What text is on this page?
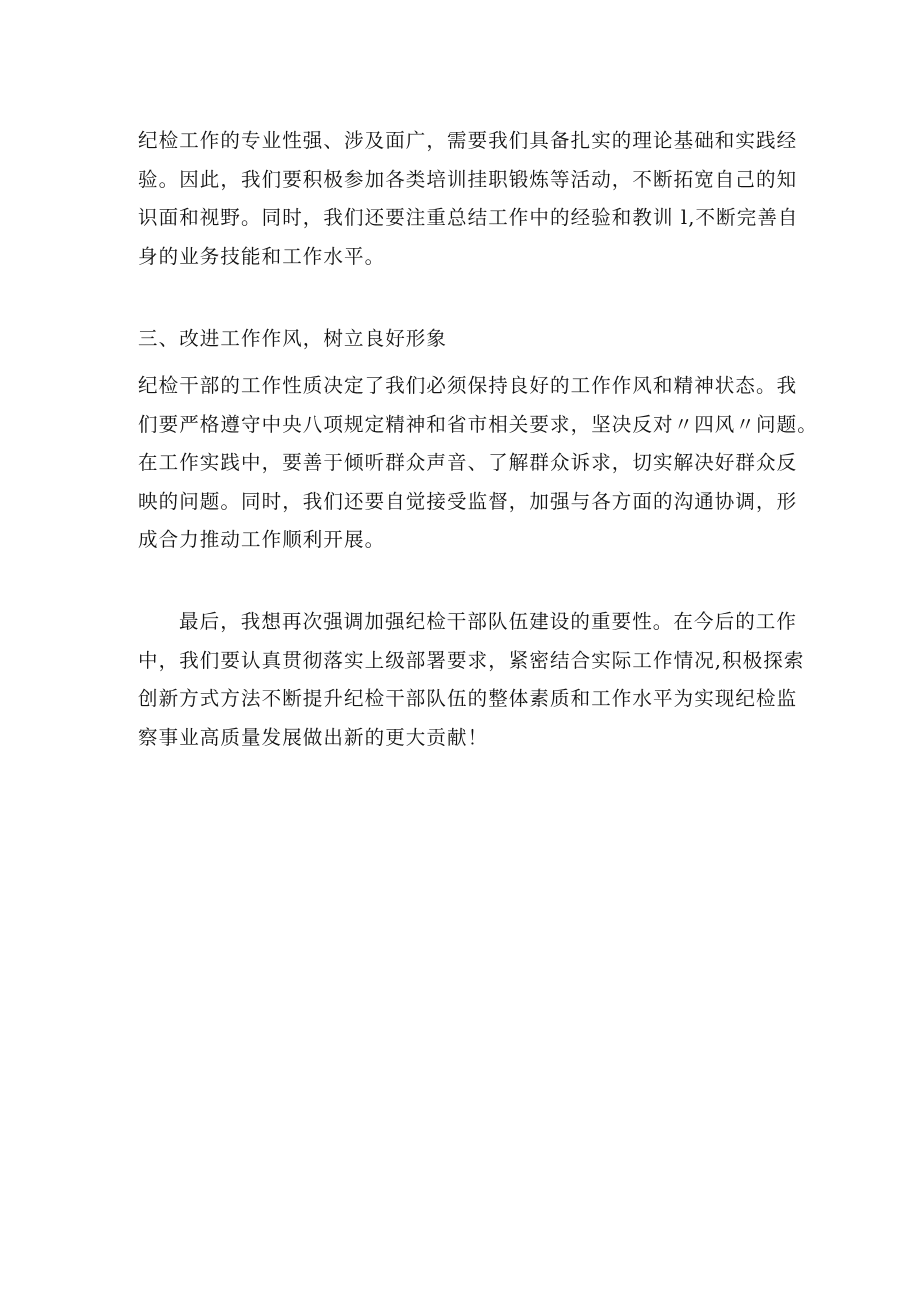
纪检工作的专业性强、涉及面广，需要我们具备扎实的理论基础和实践经
验。因此，我们要积极参加各类培训挂职锻炼等活动，不断拓宽自己的知
识面和视野。同时，我们还要注重总结工作中的经验和教训 l,不断完善自
身的业务技能和工作水平。
三、改进工作作风，树立良好形象
纪检干部的工作性质决定了我们必须保持良好的工作作风和精神状态。我
们要严格遵守中央八项规定精神和省市相关要求，坚决反对〃四风〃问题。
在工作实践中，要善于倾听群众声音、了解群众诉求，切实解决好群众反
映的问题。同时，我们还要自觉接受监督，加强与各方面的沟通协调，形
成合力推动工作顺利开展。
最后，我想再次强调加强纪检干部队伍建设的重要性。在今后的工作
中，我们要认真贯彻落实上级部署要求，紧密结合实际工作情况,积极探索
创新方式方法不断提升纪检干部队伍的整体素质和工作水平为实现纪检监
察事业高质量发展做出新的更大贡献！
